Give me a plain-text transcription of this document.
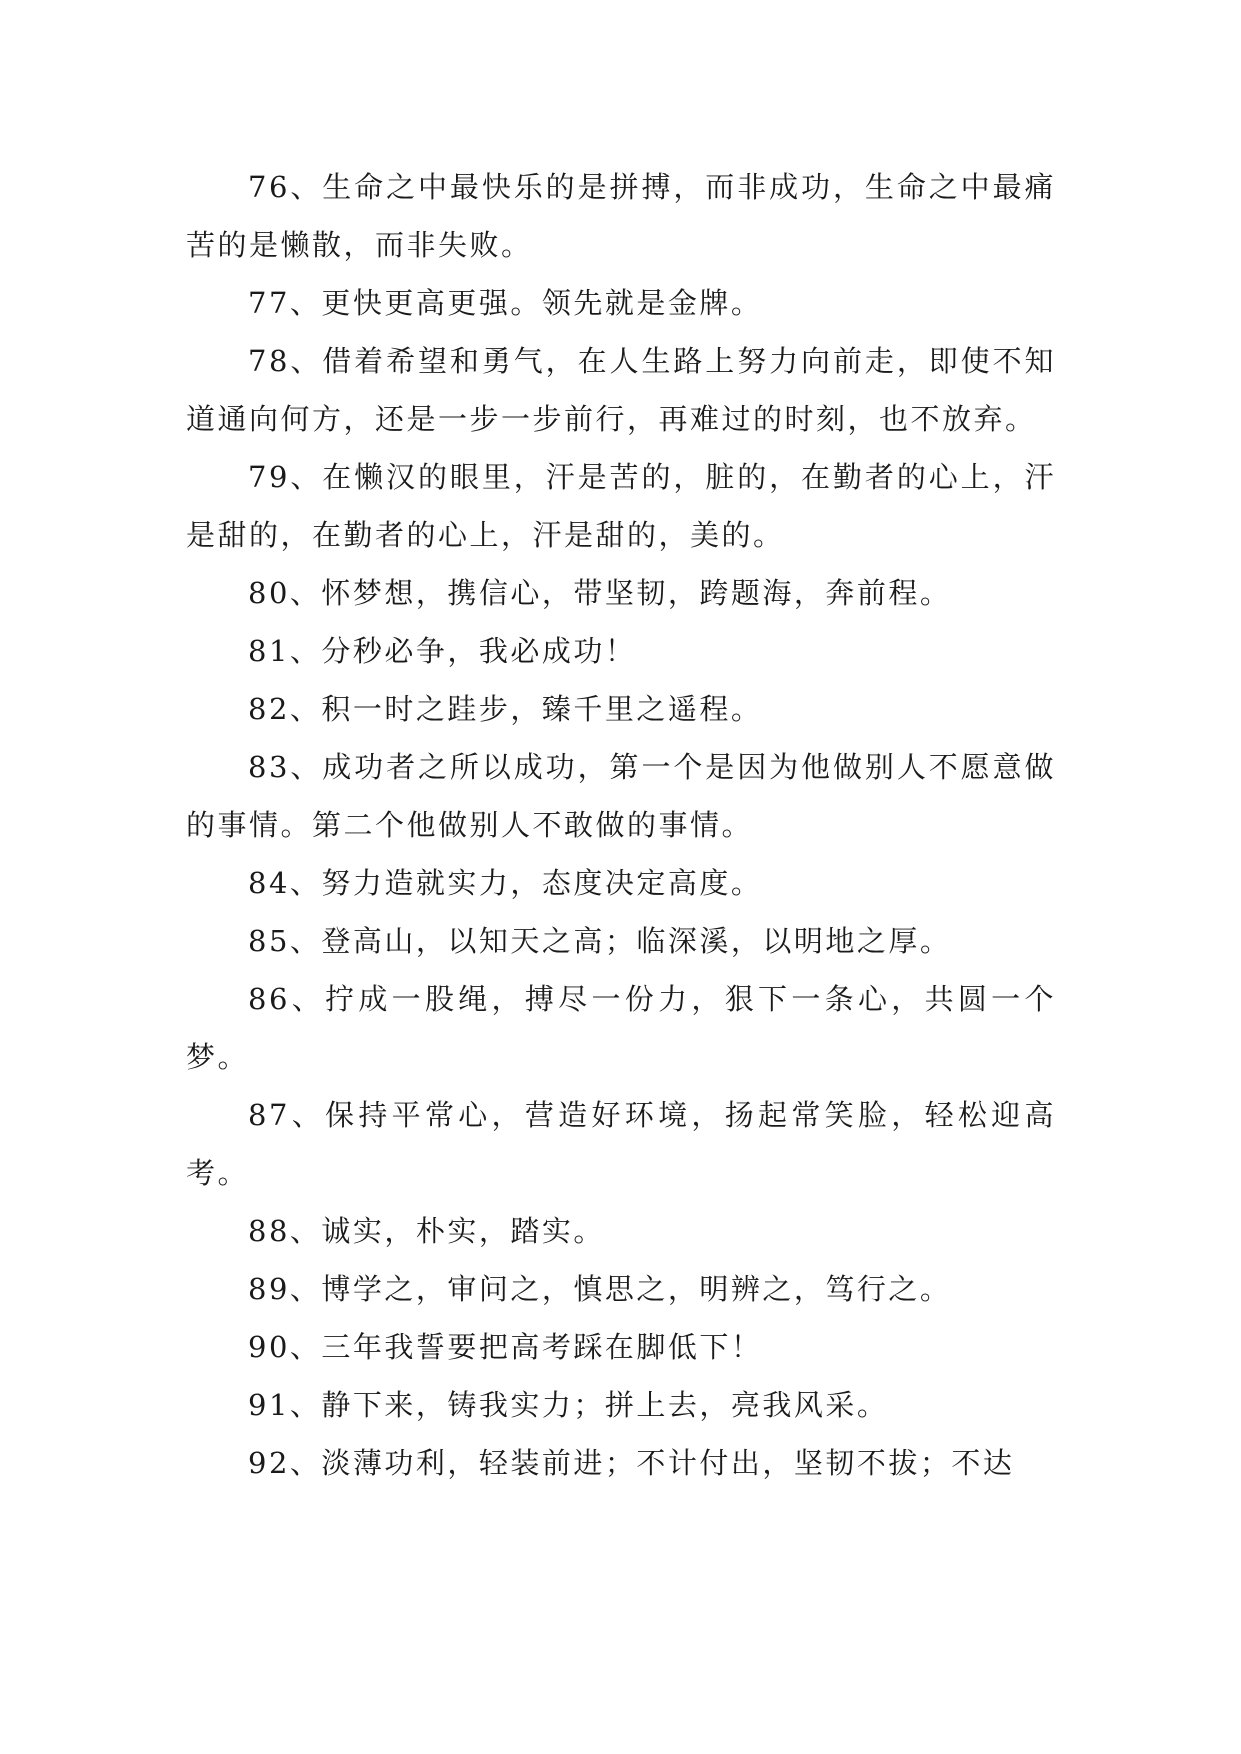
76、生命之中最快乐的是拼搏，而非成功，生命之中最痛苦的是懒散，而非失败。

77、更快更高更强。领先就是金牌。

78、借着希望和勇气，在人生路上努力向前走，即使不知道通向何方，还是一步一步前行，再难过的时刻，也不放弃。

79、在懒汉的眼里，汗是苦的，脏的，在勤者的心上，汗是甜的，在勤者的心上，汗是甜的，美的。

80、怀梦想，携信心，带坚韧，跨题海，奔前程。

81、分秒必争，我必成功！

82、积一时之跬步，臻千里之遥程。

83、成功者之所以成功，第一个是因为他做别人不愿意做的事情。第二个他做别人不敢做的事情。

84、努力造就实力，态度决定高度。

85、登高山，以知天之高；临深溪，以明地之厚。

86、拧成一股绳，搏尽一份力，狠下一条心，共圆一个梦。

87、保持平常心，营造好环境，扬起常笑脸，轻松迎高考。

88、诚实，朴实，踏实。

89、博学之，审问之，慎思之，明辨之，笃行之。

90、三年我誓要把高考踩在脚低下！

91、静下来，铸我实力；拼上去，亮我风采。

92、淡薄功利，轻装前进；不计付出，坚韧不拔；不达
